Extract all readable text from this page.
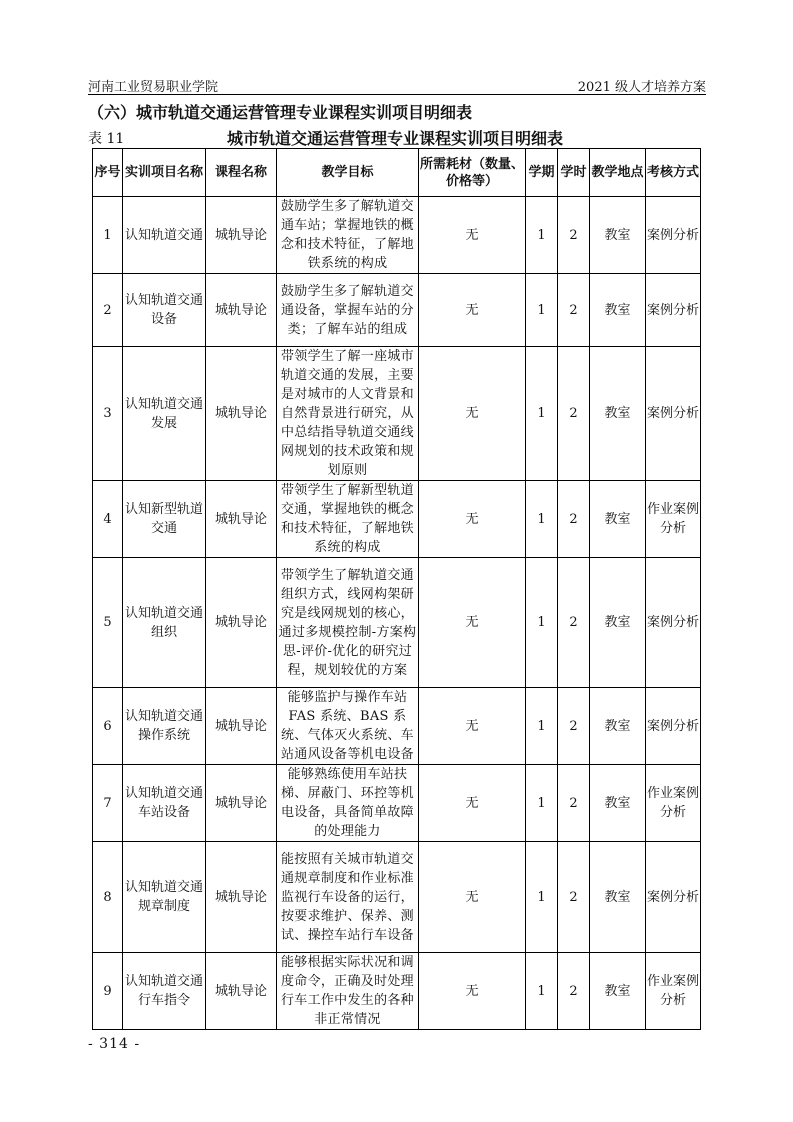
河南工业贸易职业学院	2021 级人才培养方案
（六）城市轨道交通运营管理专业课程实训项目明细表
表 11	城市轨道交通运营管理专业课程实训项目明细表
序号	实训项目名称	课程名称	教学目标	所需耗材（数量、价格等）	学期	学时	教学地点	考核方式
1	认知轨道交通	城轨导论	鼓励学生多了解轨道交通车站；掌握地铁的概念和技术特征，了解地铁系统的构成	无	1	2	教室	案例分析
2	认知轨道交通设备	城轨导论	鼓励学生多了解轨道交通设备，掌握车站的分类；了解车站的组成	无	1	2	教室	案例分析
3	认知轨道交通发展	城轨导论	带领学生了解一座城市轨道交通的发展，主要是对城市的人文背景和自然背景进行研究，从中总结指导轨道交通线网规划的技术政策和规划原则	无	1	2	教室	案例分析
4	认知新型轨道交通	城轨导论	带领学生了解新型轨道交通，掌握地铁的概念和技术特征，了解地铁系统的构成	无	1	2	教室	作业案例分析
5	认知轨道交通组织	城轨导论	带领学生了解轨道交通组织方式，线网构架研究是线网规划的核心，通过多规模控制-方案构思-评价-优化的研究过程，规划较优的方案	无	1	2	教室	案例分析
6	认知轨道交通操作系统	城轨导论	能够监护与操作车站FAS 系统、BAS 系统、气体灭火系统、车站通风设备等机电设备	无	1	2	教室	案例分析
7	认知轨道交通车站设备	城轨导论	能够熟练使用车站扶梯、屏蔽门、环控等机电设备，具备简单故障的处理能力	无	1	2	教室	作业案例分析
8	认知轨道交通规章制度	城轨导论	能按照有关城市轨道交通规章制度和作业标准监视行车设备的运行，按要求维护、保养、测试、操控车站行车设备	无	1	2	教室	案例分析
9	认知轨道交通行车指令	城轨导论	能够根据实际状况和调度命令，正确及时处理行车工作中发生的各种非正常情况	无	1	2	教室	作业案例分析
- 314 -
